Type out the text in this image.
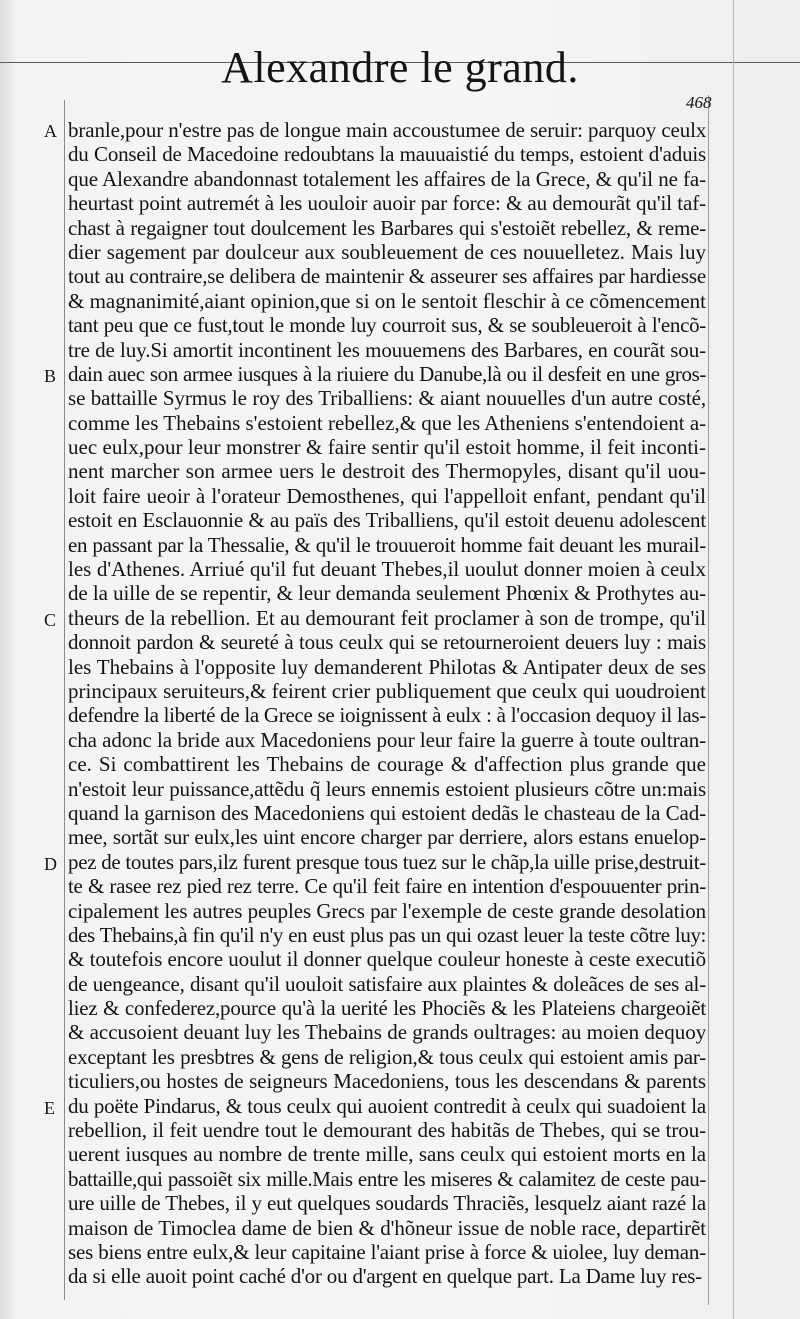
Alexandre le grand.
468
A
B
C
D
E
branle,pour n'estre pas de longue main accoustumee de seruir: parquoy ceulx
du Conseil de Macedoine redoubtans la mauuaistié du temps, estoient d'aduis
que Alexandre abandonnast totalement les affaires de la Grece, & qu'il ne fa-
heurtast point autremét à les uouloir auoir par force: & au demourãt qu'il taf-
chast à regaigner tout doulcement les Barbares qui s'estoiẽt rebellez, & reme-
dier sagement par doulceur aux soubleuement de ces nouuelletez. Mais luy
tout au contraire,se delibera de maintenir & asseurer ses affaires par hardiesse
& magnanimité,aiant opinion,que si on le sentoit fleschir à ce cõmencement
tant peu que ce fust,tout le monde luy courroit sus, & se soubleueroit à l'encõ-
tre de luy.Si amortit incontinent les mouuemens des Barbares, en courãt sou-
dain auec son armee iusques à la riuiere du Danube,là ou il desfeit en une gros-
se battaille Syrmus le roy des Triballiens: & aiant nouuelles d'un autre costé,
comme les Thebains s'estoient rebellez,& que les Atheniens s'entendoient a-
uec eulx,pour leur monstrer & faire sentir qu'il estoit homme, il feit inconti-
nent marcher son armee uers le destroit des Thermopyles, disant qu'il uou-
loit faire ueoir à l'orateur Demosthenes, qui l'appelloit enfant, pendant qu'il
estoit en Esclauonnie & au païs des Triballiens, qu'il estoit deuenu adolescent
en passant par la Thessalie, & qu'il le trouueroit homme fait deuant les murail-
les d'Athenes. Arriué qu'il fut deuant Thebes,il uoulut donner moien à ceulx
de la uille de se repentir, & leur demanda seulement Phœnix & Prothytes au-
theurs de la rebellion. Et au demourant feit proclamer à son de trompe, qu'il
donnoit pardon & seureté à tous ceulx qui se retourneroient deuers luy : mais
les Thebains à l'opposite luy demanderent Philotas & Antipater deux de ses
principaux seruiteurs,& feirent crier publiquement que ceulx qui uoudroient
defendre la liberté de la Grece se ioignissent à eulx : à l'occasion dequoy il las-
cha adonc la bride aux Macedoniens pour leur faire la guerre à toute oultran-
ce. Si combattirent les Thebains de courage & d'affection plus grande que
n'estoit leur puissance,attẽdu q̃ leurs ennemis estoient plusieurs cõtre un:mais
quand la garnison des Macedoniens qui estoient dedãs le chasteau de la Cad-
mee, sortãt sur eulx,les uint encore charger par derriere, alors estans enuelop-
pez de toutes pars,ilz furent presque tous tuez sur le chãp,la uille prise,destruit-
te & rasee rez pied rez terre. Ce qu'il feit faire en intention d'espouuenter prin-
cipalement les autres peuples Grecs par l'exemple de ceste grande desolation
des Thebains,à fin qu'il n'y en eust plus pas un qui ozast leuer la teste cõtre luy:
& toutefois encore uoulut il donner quelque couleur honeste à ceste executiõ
de uengeance, disant qu'il uouloit satisfaire aux plaintes & doleãces de ses al-
liez & confederez,pource qu'à la uerité les Phociẽs & les Plateiens chargeoiẽt
& accusoient deuant luy les Thebains de grands oultrages: au moien dequoy
exceptant les presbtres & gens de religion,& tous ceulx qui estoient amis par-
ticuliers,ou hostes de seigneurs Macedoniens, tous les descendans & parents
du poëte Pindarus, & tous ceulx qui auoient contredit à ceulx qui suadoient la
rebellion, il feit uendre tout le demourant des habitãs de Thebes, qui se trou-
uerent iusques au nombre de trente mille, sans ceulx qui estoient morts en la
battaille,qui passoiẽt six mille.Mais entre les miseres & calamitez de ceste pau-
ure uille de Thebes, il y eut quelques soudards Thraciẽs, lesquelz aiant razé la
maison de Timoclea dame de bien & d'hõneur issue de noble race, departirẽt
ses biens entre eulx,& leur capitaine l'aiant prise à force & uiolee, luy deman-
da si elle auoit point caché d'or ou d'argent en quelque part. La Dame luy res-
